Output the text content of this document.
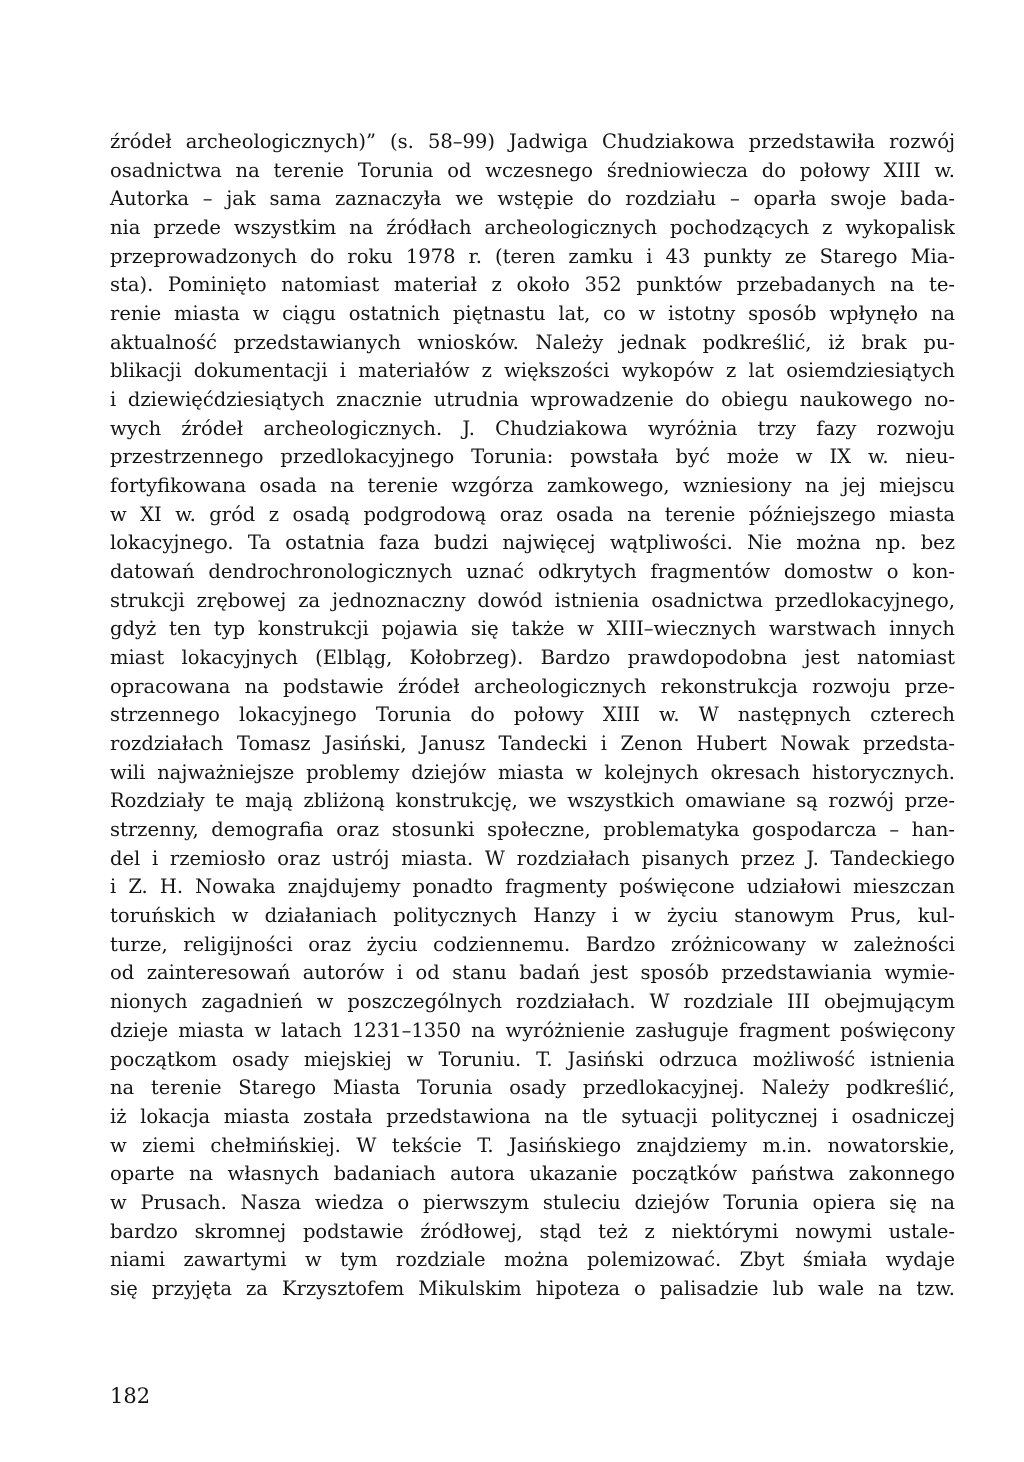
źródeł archeologicznych)” (s. 58–99) Jadwiga Chudziakowa przedstawiła rozwój
osadnictwa na terenie Torunia od wczesnego średniowiecza do połowy XIII w.
Autorka – jak sama zaznaczyła we wstępie do rozdziału – oparła swoje bada-
nia przede wszystkim na źródłach archeologicznych pochodzących z wykopalisk
przeprowadzonych do roku 1978 r. (teren zamku i 43 punkty ze Starego Mia-
sta). Pominięto natomiast materiał z około 352 punktów przebadanych na te-
renie miasta w ciągu ostatnich piętnastu lat, co w istotny sposób wpłynęło na
aktualność przedstawianych wniosków. Należy jednak podkreślić, iż brak pu-
blikacji dokumentacji i materiałów z większości wykopów z lat osiemdziesiątych
i dziewięćdziesiątych znacznie utrudnia wprowadzenie do obiegu naukowego no-
wych źródeł archeologicznych. J. Chudziakowa wyróżnia trzy fazy rozwoju
przestrzennego przedlokacyjnego Torunia: powstała być może w IX w. nieu-
fortyfikowana osada na terenie wzgórza zamkowego, wzniesiony na jej miejscu
w XI w. gród z osadą podgrodową oraz osada na terenie późniejszego miasta
lokacyjnego. Ta ostatnia faza budzi najwięcej wątpliwości. Nie można np. bez
datowań dendrochronologicznych uznać odkrytych fragmentów domostw o kon-
strukcji zrębowej za jednoznaczny dowód istnienia osadnictwa przedlokacyjnego,
gdyż ten typ konstrukcji pojawia się także w XIII–wiecznych warstwach innych
miast lokacyjnych (Elbląg, Kołobrzeg). Bardzo prawdopodobna jest natomiast
opracowana na podstawie źródeł archeologicznych rekonstrukcja rozwoju prze-
strzennego lokacyjnego Torunia do połowy XIII w. W następnych czterech
rozdziałach Tomasz Jasiński, Janusz Tandecki i Zenon Hubert Nowak przedsta-
wili najważniejsze problemy dziejów miasta w kolejnych okresach historycznych.
Rozdziały te mają zbliżoną konstrukcję, we wszystkich omawiane są rozwój prze-
strzenny, demografia oraz stosunki społeczne, problematyka gospodarcza – han-
del i rzemiosło oraz ustrój miasta. W rozdziałach pisanych przez J. Tandeckiego
i Z. H. Nowaka znajdujemy ponadto fragmenty poświęcone udziałowi mieszczan
toruńskich w działaniach politycznych Hanzy i w życiu stanowym Prus, kul-
turze, religijności oraz życiu codziennemu. Bardzo zróżnicowany w zależności
od zainteresowań autorów i od stanu badań jest sposób przedstawiania wymie-
nionych zagadnień w poszczególnych rozdziałach. W rozdziale III obejmującym
dzieje miasta w latach 1231–1350 na wyróżnienie zasługuje fragment poświęcony
początkom osady miejskiej w Toruniu. T. Jasiński odrzuca możliwość istnienia
na terenie Starego Miasta Torunia osady przedlokacyjnej. Należy podkreślić,
iż lokacja miasta została przedstawiona na tle sytuacji politycznej i osadniczej
w ziemi chełmińskiej. W tekście T. Jasińskiego znajdziemy m.in. nowatorskie,
oparte na własnych badaniach autora ukazanie początków państwa zakonnego
w Prusach. Nasza wiedza o pierwszym stuleciu dziejów Torunia opiera się na
bardzo skromnej podstawie źródłowej, stąd też z niektórymi nowymi ustale-
niami zawartymi w tym rozdziale można polemizować. Zbyt śmiała wydaje
się przyjęta za Krzysztofem Mikulskim hipoteza o palisadzie lub wale na tzw.
182
